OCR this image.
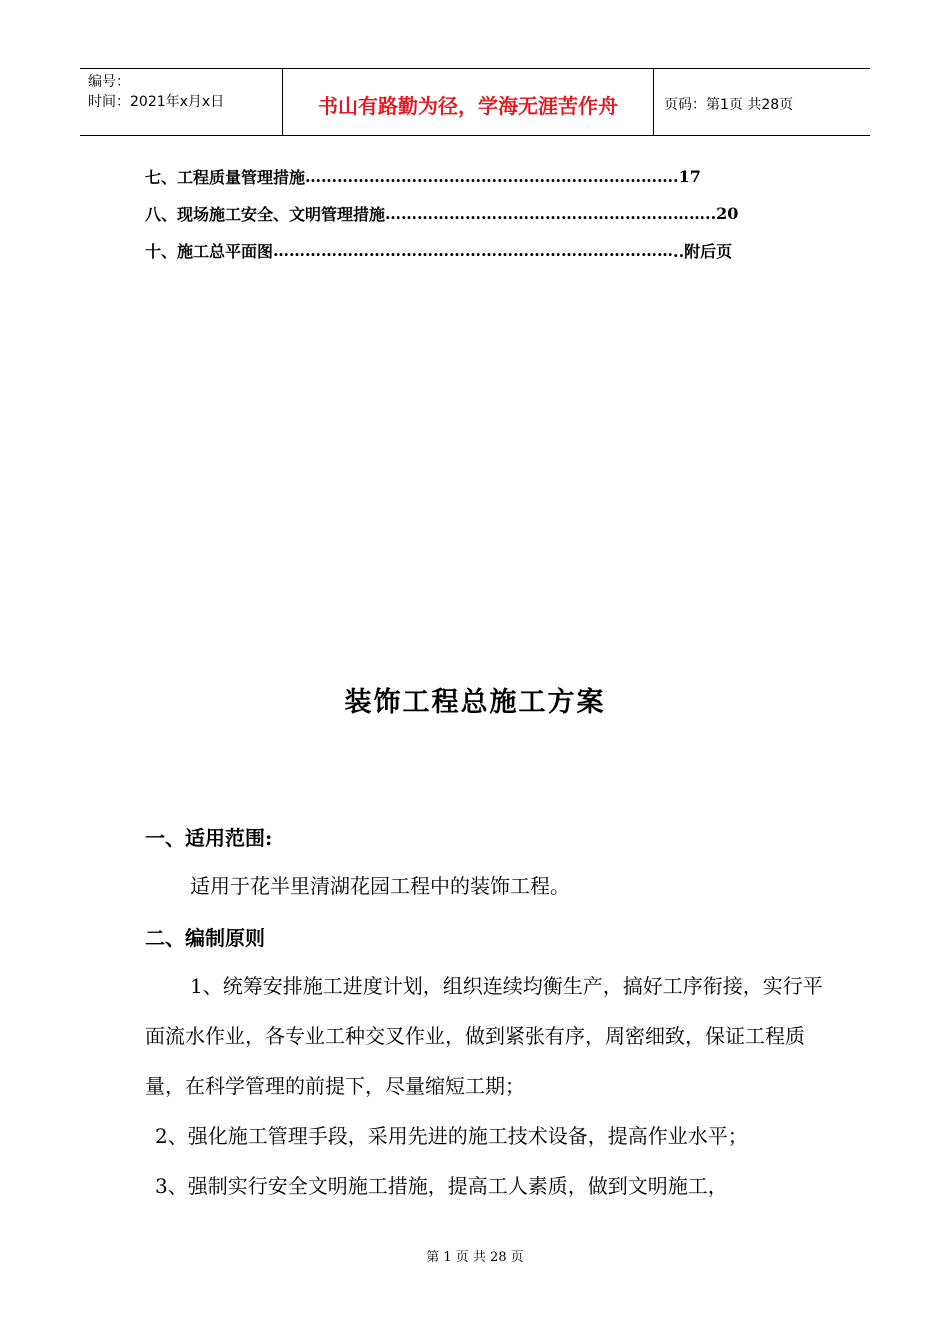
编号：
时间：2021年x月x日	书山有路勤为径，学海无涯苦作舟	页码：第1页 共28页
七、工程质量管理措施 …………………………………………………………… .17
八、现场施工安全、文明管理措施 …………………………………………………… ..20
十、施工总平面图 ………………………………………………………………… ..附后页
装饰工程总施工方案
一、适用范围:
适用于花半里清湖花园工程中的装饰工程。
二、编制原则
1、统筹安排施工进度计划，组织连续均衡生产，搞好工序衔接，实行平面流水作业，各专业工种交叉作业，做到紧张有序，周密细致，保证工程质量，在科学管理的前提下，尽量缩短工期；
2、强化施工管理手段，采用先进的施工技术设备，提高作业水平；
3、强制实行安全文明施工措施，提高工人素质，做到文明施工，
第 1 页 共 28 页
